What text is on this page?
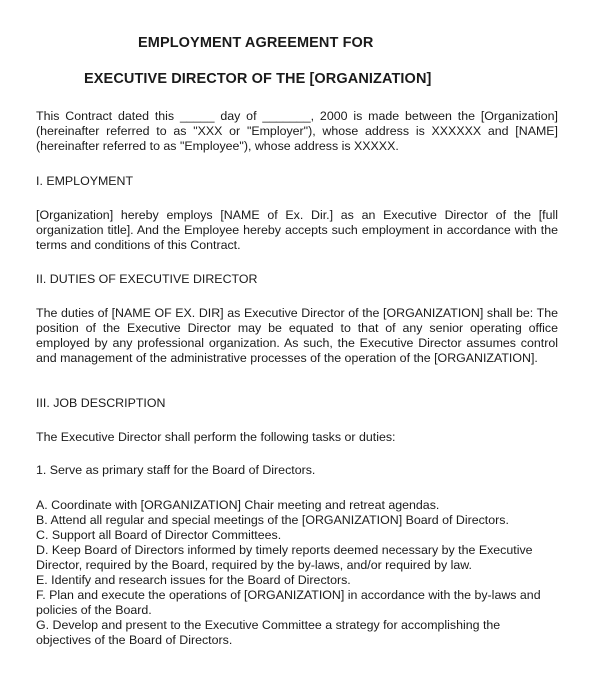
EMPLOYMENT AGREEMENT FOR
EXECUTIVE DIRECTOR OF THE [ORGANIZATION]
This Contract dated this _____ day of _______, 2000 is made between the [Organization] (hereinafter referred to as "XXX or "Employer"), whose address is XXXXXX and [NAME] (hereinafter referred to as "Employee"), whose address is XXXXX.
I. EMPLOYMENT
[Organization] hereby employs [NAME of Ex. Dir.] as an Executive Director of the [full organization title]. And the Employee hereby accepts such employment in accordance with the terms and conditions of this Contract.
II. DUTIES OF EXECUTIVE DIRECTOR
The duties of [NAME OF EX. DIR] as Executive Director of the [ORGANIZATION] shall be: The position of the Executive Director may be equated to that of any senior operating office employed by any professional organization. As such, the Executive Director assumes control and management of the administrative processes of the operation of the [ORGANIZATION].
III. JOB DESCRIPTION
The Executive Director shall perform the following tasks or duties:
1. Serve as primary staff for the Board of Directors.
A. Coordinate with [ORGANIZATION] Chair meeting and retreat agendas.
B. Attend all regular and special meetings of the [ORGANIZATION] Board of Directors.
C. Support all Board of Director Committees.
D. Keep Board of Directors informed by timely reports deemed necessary by the Executive Director, required by the Board, required by the by-laws, and/or required by law.
E. Identify and research issues for the Board of Directors.
F. Plan and execute the operations of [ORGANIZATION] in accordance with the by-laws and policies of the Board.
G. Develop and present to the Executive Committee a strategy for accomplishing the objectives of the Board of Directors.
